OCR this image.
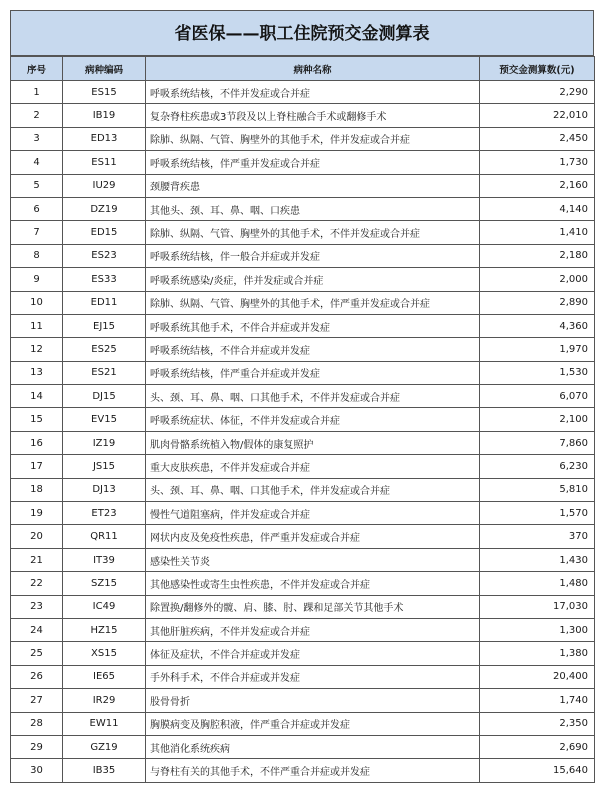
省医保——职工住院预交金测算表
序号	病种编码	病种名称	预交金测算数(元)
1	ES15	呼吸系统结核，不伴并发症或合并症	2,290
2	IB19	复杂脊柱疾患或3节段及以上脊柱融合手术或翻修手术	22,010
3	ED13	除肺、纵隔、气管、胸壁外的其他手术，伴并发症或合并症	2,450
4	ES11	呼吸系统结核，伴严重并发症或合并症	1,730
5	IU29	颈腰背疾患	2,160
6	DZ19	其他头、颈、耳、鼻、咽、口疾患	4,140
7	ED15	除肺、纵隔、气管、胸壁外的其他手术，不伴并发症或合并症	1,410
8	ES23	呼吸系统结核，伴一般合并症或并发症	2,180
9	ES33	呼吸系统感染/炎症，伴并发症或合并症	2,000
10	ED11	除肺、纵隔、气管、胸壁外的其他手术，伴严重并发症或合并症	2,890
11	EJ15	呼吸系统其他手术，不伴合并症或并发症	4,360
12	ES25	呼吸系统结核，不伴合并症或并发症	1,970
13	ES21	呼吸系统结核，伴严重合并症或并发症	1,530
14	DJ15	头、颈、耳、鼻、咽、口其他手术，不伴并发症或合并症	6,070
15	EV15	呼吸系统症状、体征，不伴并发症或合并症	2,100
16	IZ19	肌肉骨骼系统植入物/假体的康复照护	7,860
17	JS15	重大皮肤疾患，不伴并发症或合并症	6,230
18	DJ13	头、颈、耳、鼻、咽、口其他手术，伴并发症或合并症	5,810
19	ET23	慢性气道阻塞病，伴并发症或合并症	1,570
20	QR11	网状内皮及免疫性疾患，伴严重并发症或合并症	370
21	IT39	感染性关节炎	1,430
22	SZ15	其他感染性或寄生虫性疾患，不伴并发症或合并症	1,480
23	IC49	除置换/翻修外的髋、肩、膝、肘、踝和足部关节其他手术	17,030
24	HZ15	其他肝脏疾病，不伴并发症或合并症	1,300
25	XS15	体征及症状，不伴合并症或并发症	1,380
26	IE65	手外科手术，不伴合并症或并发症	20,400
27	IR29	股骨骨折	1,740
28	EW11	胸膜病变及胸腔积液，伴严重合并症或并发症	2,350
29	GZ19	其他消化系统疾病	2,690
30	IB35	与脊柱有关的其他手术，不伴严重合并症或并发症	15,640
